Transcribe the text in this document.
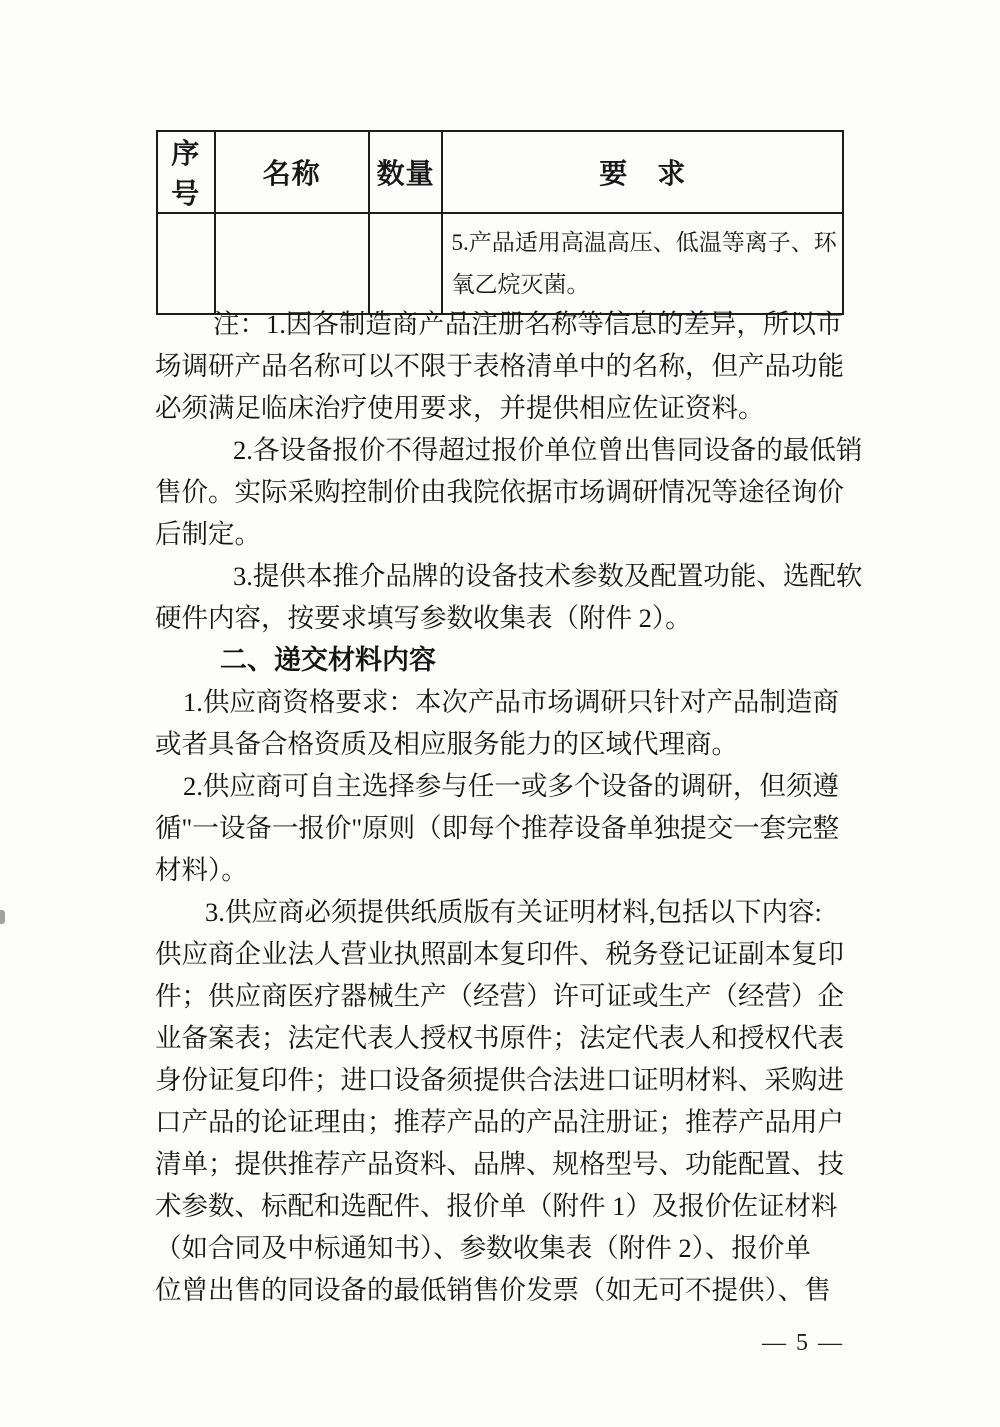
序号	名称	数量	要　求

			5.产品适用高温高压、低温等离子、环氧乙烷灭菌。
注：1.因各制造商产品注册名称等信息的差异，所以市
场调研产品名称可以不限于表格清单中的名称，但产品功能
必须满足临床治疗使用要求，并提供相应佐证资料。
2.各设备报价不得超过报价单位曾出售同设备的最低销
售价。实际采购控制价由我院依据市场调研情况等途径询价
后制定。
3.提供本推介品牌的设备技术参数及配置功能、选配软
硬件内容，按要求填写参数收集表（附件 2）。
二、递交材料内容
1.供应商资格要求：本次产品市场调研只针对产品制造商
或者具备合格资质及相应服务能力的区域代理商。
2.供应商可自主选择参与任一或多个设备的调研，但须遵
循"一设备一报价"原则（即每个推荐设备单独提交一套完整
材料）。
3.供应商必须提供纸质版有关证明材料,包括以下内容:
供应商企业法人营业执照副本复印件、税务登记证副本复印
件；供应商医疗器械生产（经营）许可证或生产（经营）企
业备案表；法定代表人授权书原件；法定代表人和授权代表
身份证复印件；进口设备须提供合法进口证明材料、采购进
口产品的论证理由；推荐产品的产品注册证；推荐产品用户
清单；提供推荐产品资料、品牌、规格型号、功能配置、技
术参数、标配和选配件、报价单（附件 1）及报价佐证材料
（如合同及中标通知书）、参数收集表（附件 2）、报价单
位曾出售的同设备的最低销售价发票（如无可不提供）、售
— 5 —
